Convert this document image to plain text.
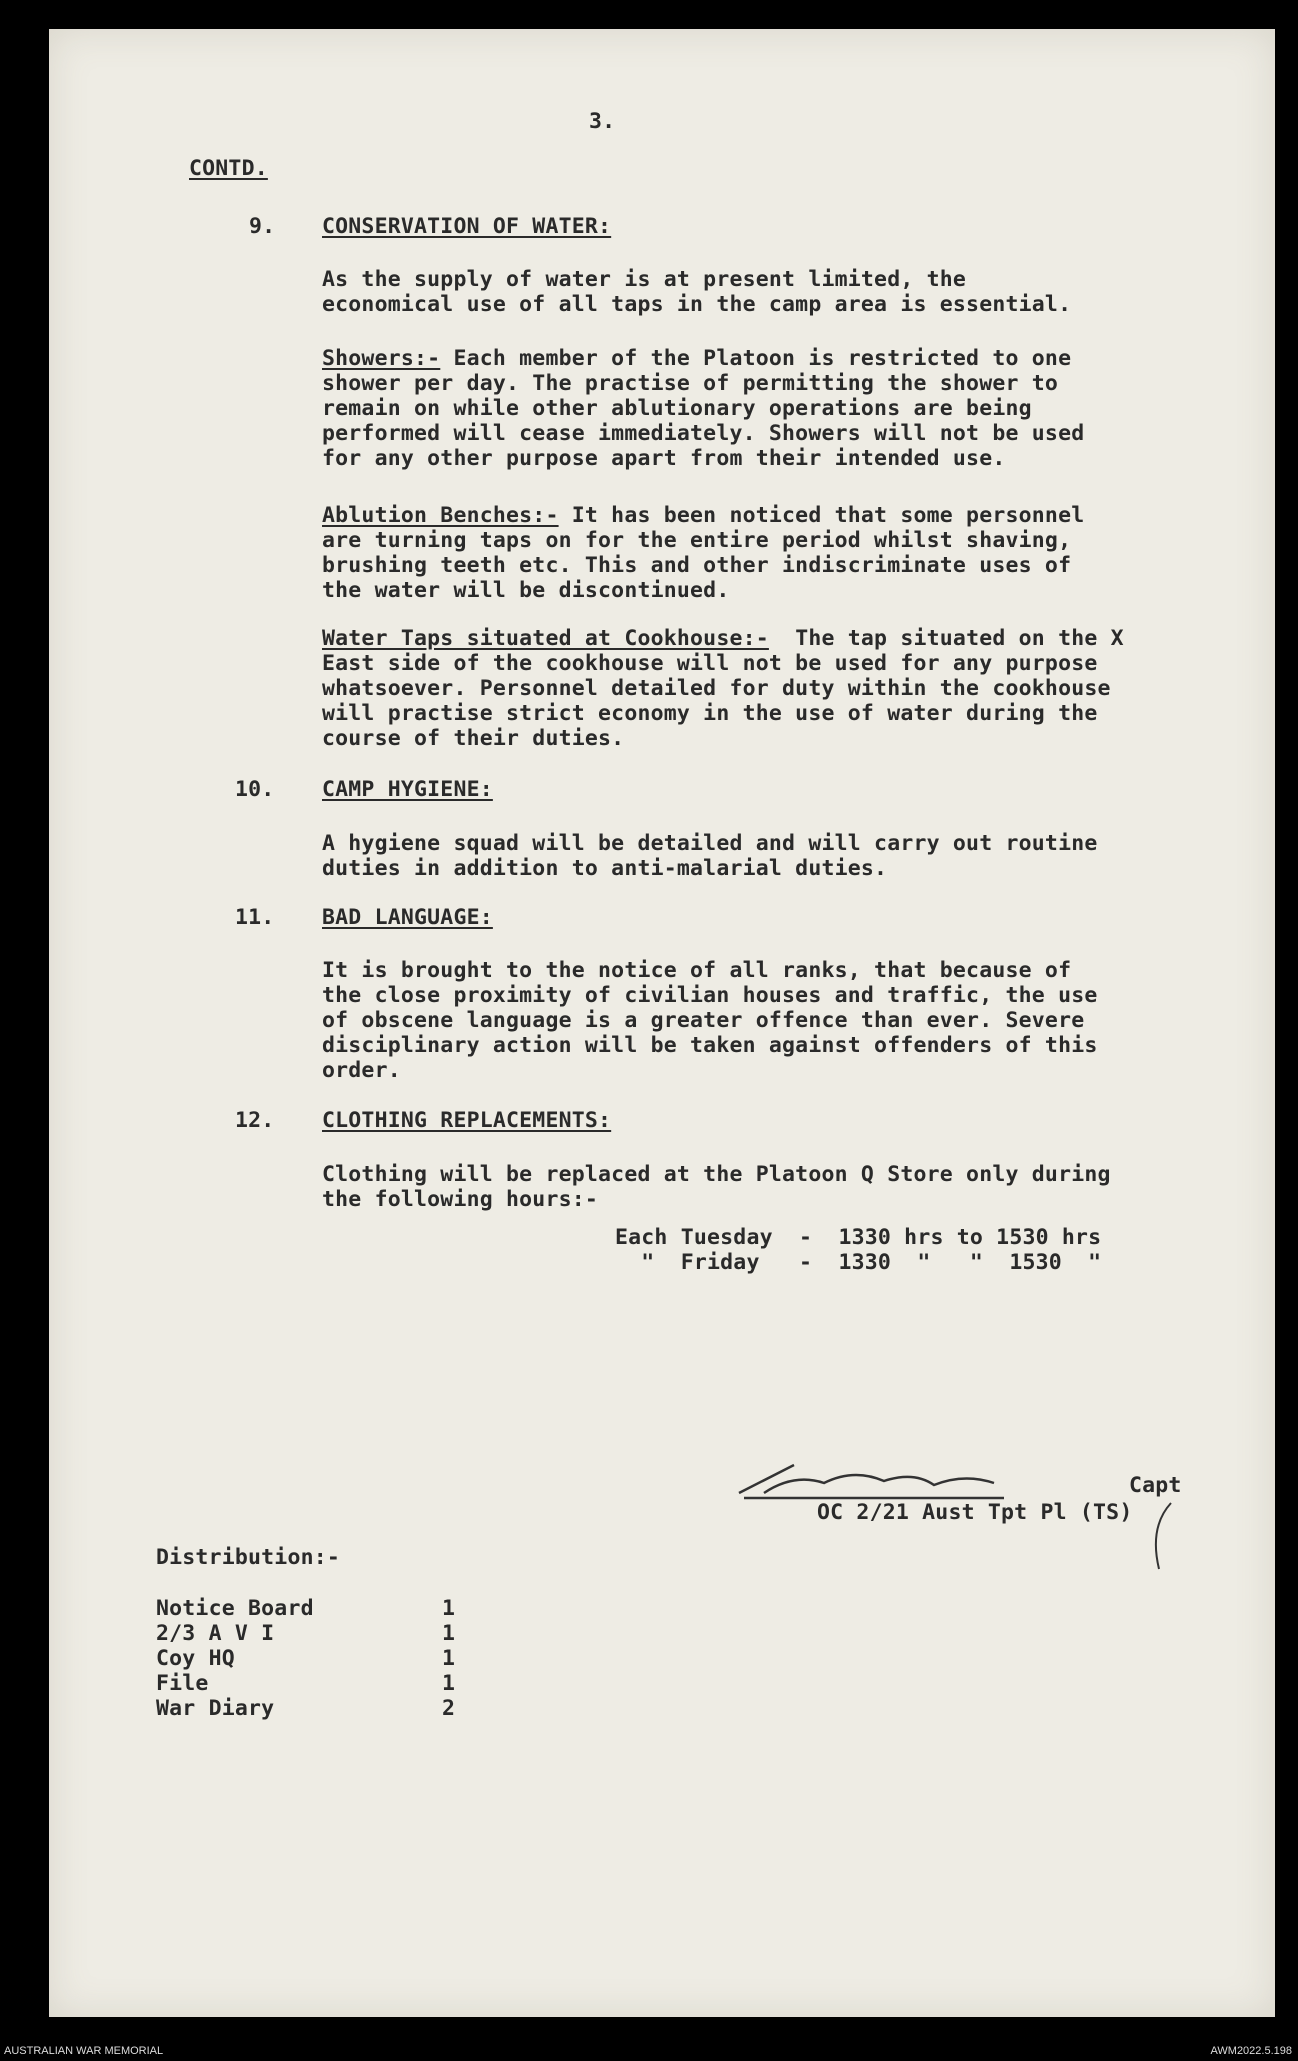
3.
CONTD.
9. CONSERVATION OF WATER:
As the supply of water is at present limited, the
economical use of all taps in the camp area is essential.
Showers:- Each member of the Platoon is restricted to one
shower per day. The practise of permitting the shower to
remain on while other ablutionary operations are being
performed will cease immediately. Showers will not be used
for any other purpose apart from their intended use.
Ablution Benches:- It has been noticed that some personnel
are turning taps on for the entire period whilst shaving,
brushing teeth etc. This and other indiscriminate uses of
the water will be discontinued.
Water Taps situated at Cookhouse:-  The tap situated on the X
East side of the cookhouse will not be used for any purpose
whatsoever. Personnel detailed for duty within the cookhouse
will practise strict economy in the use of water during the
course of their duties.
10. CAMP HYGIENE:
A hygiene squad will be detailed and will carry out routine
duties in addition to anti-malarial duties.
11. BAD LANGUAGE:
It is brought to the notice of all ranks, that because of
the close proximity of civilian houses and traffic, the use
of obscene language is a greater offence than ever. Severe
disciplinary action will be taken against offenders of this
order.
12. CLOTHING REPLACEMENTS:
Clothing will be replaced at the Platoon Q Store only during
the following hours:-
Each Tuesday  -  1330 hrs to 1530 hrs
"  Friday   -  1330  "   "  1530  "
Capt
OC 2/21 Aust Tpt Pl (TS)
Distribution:-
Notice Board	1
2/3 A V I	1
Coy HQ	1
File	1
War Diary	2
AUSTRALIAN WAR MEMORIAL	AWM2022.5.198
